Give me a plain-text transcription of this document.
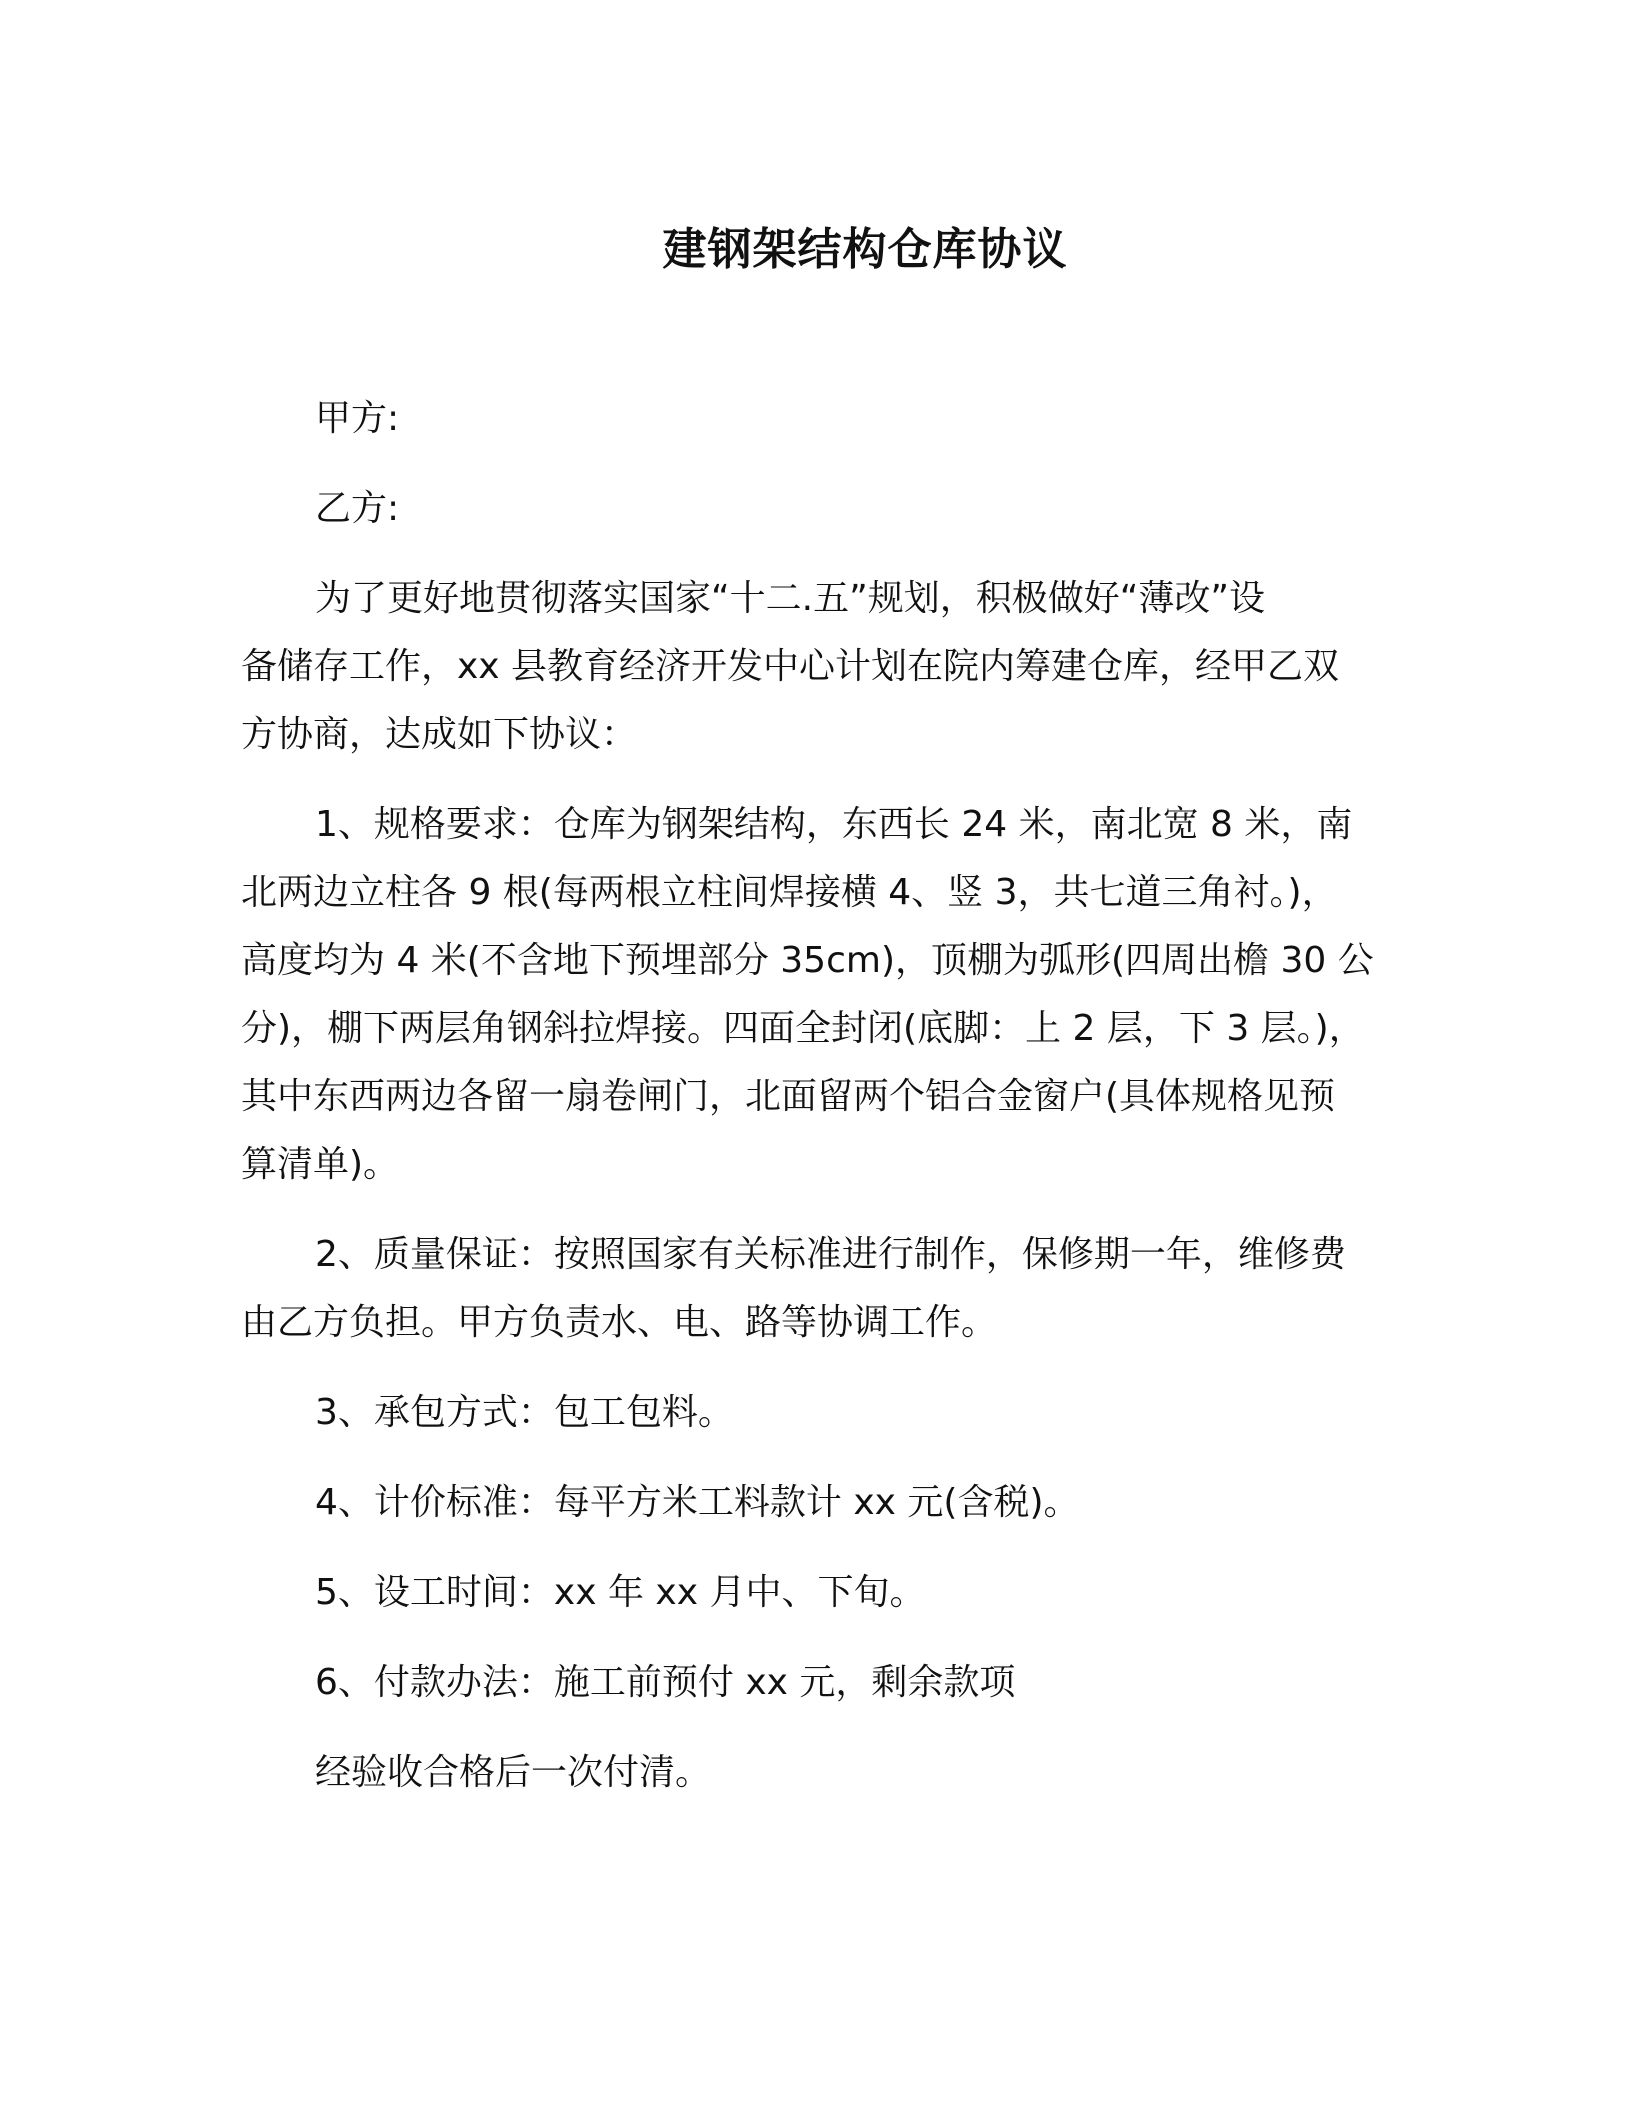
建钢架结构仓库协议
甲方:
乙方:
为了更好地贯彻落实国家“十二.五”规划，积极做好“薄改”设
备储存工作，xx 县教育经济开发中心计划在院内筹建仓库，经甲乙双
方协商，达成如下协议：
1、规格要求：仓库为钢架结构，东西长 24 米，南北宽 8 米，南
北两边立柱各 9 根(每两根立柱间焊接横 4、竖 3，共七道三角衬。)，
高度均为 4 米(不含地下预埋部分 35cm)，顶棚为弧形(四周出檐 30 公
分)，棚下两层角钢斜拉焊接。四面全封闭(底脚：上 2 层，下 3 层。)，
其中东西两边各留一扇卷闸门，北面留两个铝合金窗户(具体规格见预
算清单)。
2、质量保证：按照国家有关标准进行制作，保修期一年，维修费
由乙方负担。甲方负责水、电、路等协调工作。
3、承包方式：包工包料。
4、计价标准：每平方米工料款计 xx 元(含税)。
5、设工时间：xx 年 xx 月中、下旬。
6、付款办法：施工前预付 xx 元，剩余款项
经验收合格后一次付清。
